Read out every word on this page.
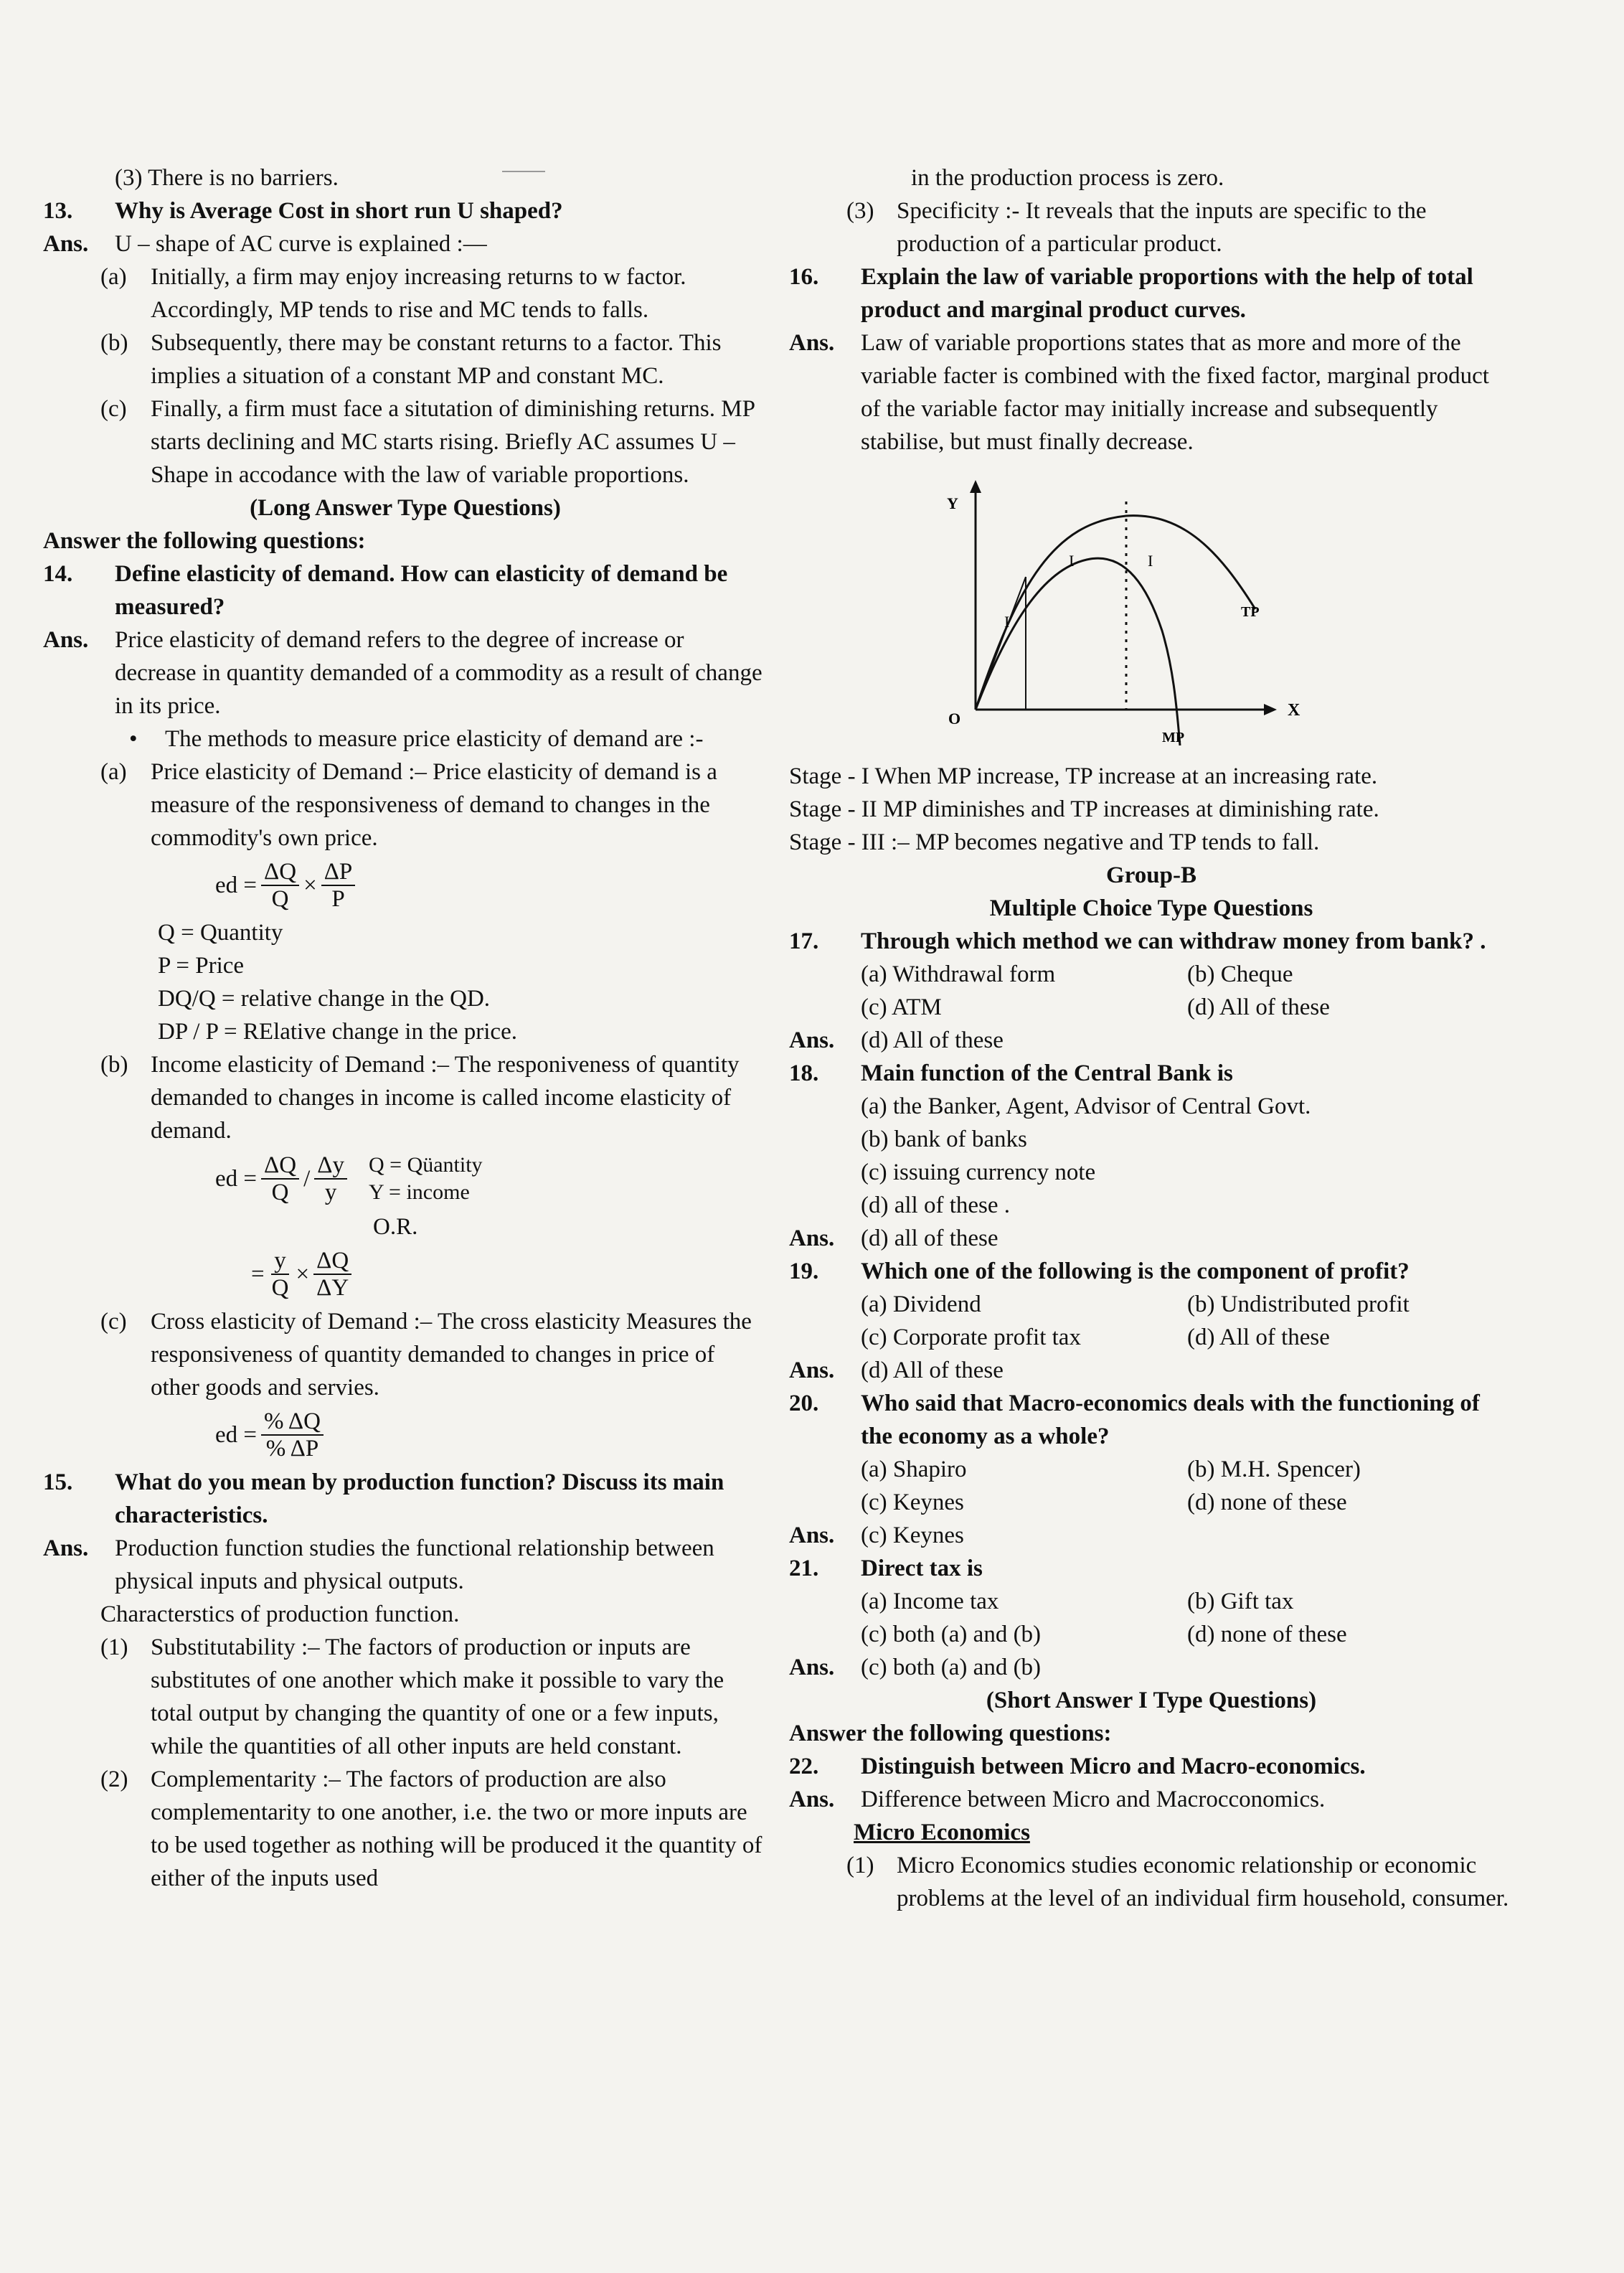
(3) There is no barriers.

13.	Why is Average Cost in short run U shaped?
Ans.	U – shape of AC curve is explained :—
(a)	Initially, a firm may enjoy increasing returns to w factor. Accordingly, MP tends to rise and MC tends to falls.
(b) Subsequently, there may be constant returns to a factor. This implies a situation of a constant MP and constant MC.
(c)	Finally, a firm must face a situtation of diminishing returns. MP starts declining and MC starts rising. Briefly AC assumes U – Shape in accodance with the law of variable proportions.

(Long Answer Type Questions)

Answer the following questions:

14.	Define elasticity of demand. How can elasticity of demand be measured?
Ans.	Price elasticity of demand refers to the degree of increase or decrease in quantity demanded of a commodity as a result of change in its price.
•	The methods to measure price elasticity of demand are :-
(a)	Price elasticity of Demand :– Price elasticity of demand is a measure of the responsiveness of demand to changes in the commodity's own price.
ed = $\frac{\Delta Q}{Q} \times \frac{\Delta P}{P}$

Q = Quantity

P = Price

DQ/Q = relative change in the QD.

DP / P = RElative change in the price.

(b) Income elasticity of Demand :– The responiveness of quantity demanded to changes in income is called income elasticity of demand.
ed = $\frac{\Delta Q}{Q} / \frac{\Delta y}{y}$ Q = Qüantity
Y = income

O.R.

= $\frac{y}{Q} \times \frac{\Delta Q}{\Delta Y}$
(c)	Cross elasticity of Demand :– The cross elasticity Measures the responsiveness of quantity demanded to changes in price of other goods and servies.
ed = $\frac{\% \Delta Q}{\% \Delta P}$
15.	What do you mean by production function? Discuss its main characteristics.
Ans.	Production function studies the functional relationship between physical inputs and physical outputs.

Characterstics of production function.

(1) Substitutability :– The factors of production or inputs are substitutes of one another which make it possible to vary the total output by changing the quantity of one or a few inputs, while the quantities of all other inputs are held constant.
(2) Complementarity :– The factors of production are also complementarity to one another, i.e. the two or more inputs are to be used together as nothing will be produced it the quantity of either of the inputs used

in the production process is zero.

(3) Specificity :- It reveals that the inputs are specific to the production of a particular product.
16.	Explain the law of variable proportions with the help of total product and marginal product curves.
Ans.	Law of variable proportions states that as more and more of the variable facter is combined with the fixed factor, marginal product of the variable factor may initially increase and subsequently stabilise, but must finally decrease.
Y
X
O
TP
MP
I
I	I

Stage - I When MP increase, TP increase at an increasing rate.

Stage - II MP diminishes and TP increases at diminishing rate.

Stage - III :– MP becomes negative and TP tends to fall.

Group-B

Multiple Choice Type Questions

17.	Through which method we can withdraw money from bank? .
(a) Withdrawal form	(b) Cheque
(c) ATM	(d) All of these
Ans.	(d) All of these
18.	Main function of the Central Bank is

(a) the Banker, Agent, Advisor of Central Govt.

(b) bank of banks

(c) issuing currency note

(d) all of these .

Ans.	(d) all of these
19.	Which one of the following is the component of profit?
(a) Dividend	(b) Undistributed profit
(c) Corporate profit tax	(d) All of these
Ans.	(d) All of these
20.	Who said that Macro-economics deals with the functioning of the economy as a whole?
(a) Shapiro	(b) M.H. Spencer)
(c) Keynes	(d) none of these
Ans.	(c) Keynes
21.	Direct tax is
(a) Income tax	(b) Gift tax
(c) both (a) and (b)	(d) none of these
Ans.	(c) both (a) and (b)

(Short Answer I Type Questions)

Answer the following questions:

22.	Distinguish between Micro and Macro-economics.
Ans.	Difference between Micro and Macrocconomics.

Micro Economics

(1) Micro Economics studies economic relationship or economic problems at the level of an individual firm household, consumer.
